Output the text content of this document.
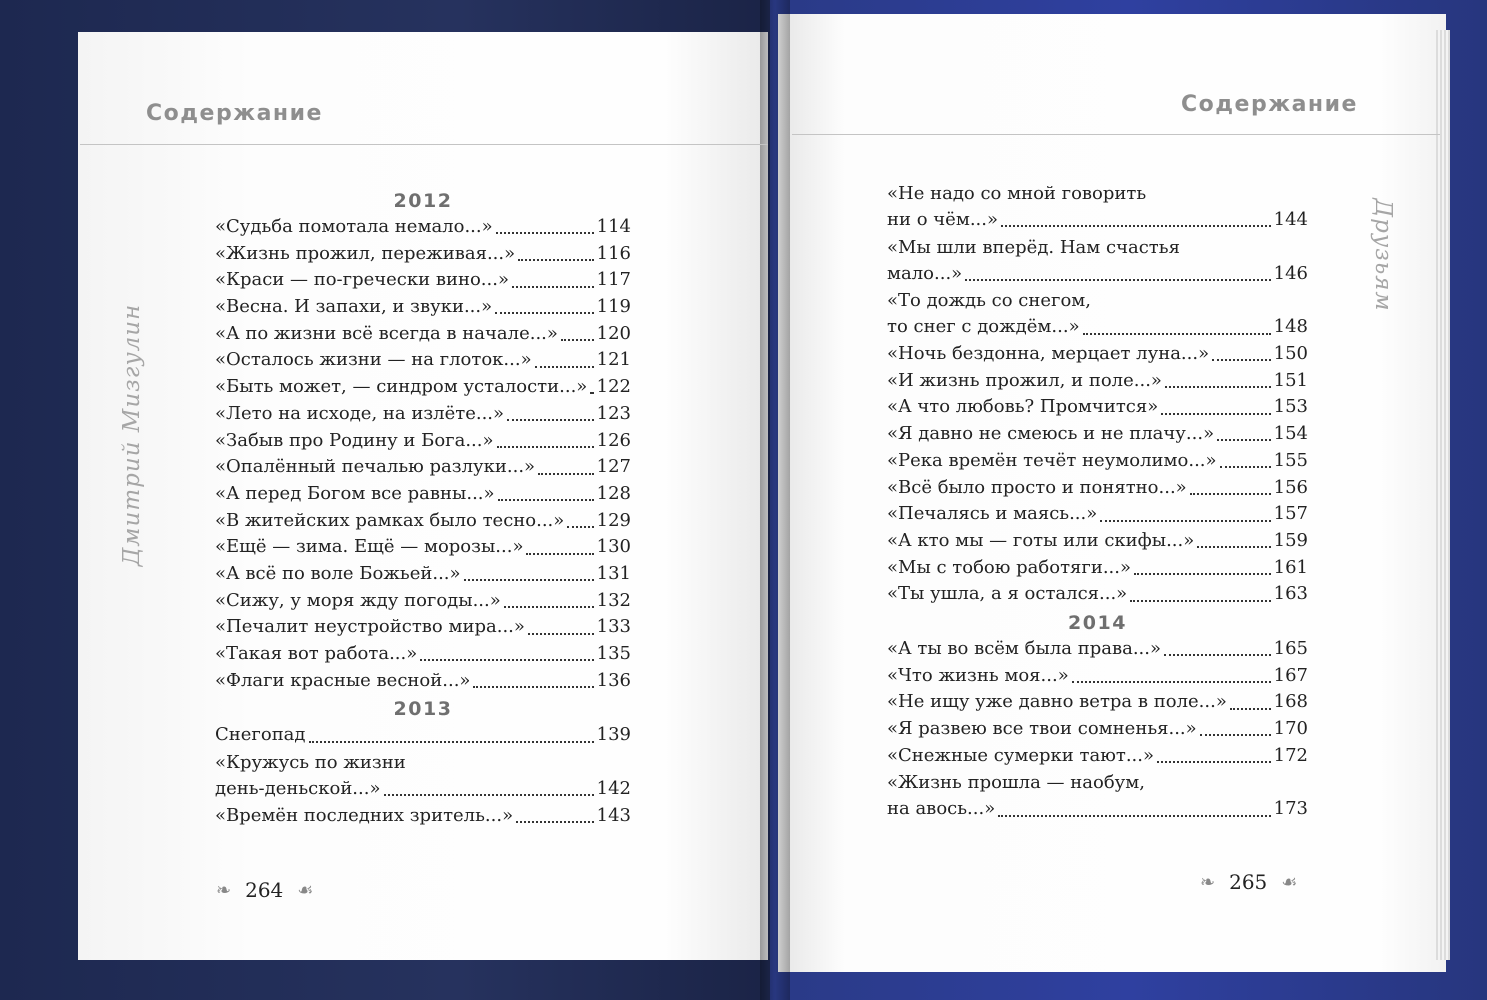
Содержание
Дмитрий Мизгулин
Содержание
Друзьям
2012
«Судьба помотала немало...»	114
«Жизнь прожил, переживая...»	116
«Краси — по-гречески вино...»	117
«Весна. И запахи, и звуки...»	119
«А по жизни всё всегда в начале...» 120
«Осталось жизни — на глоток...»	121
«Быть может, — синдром усталости...» 122
«Лето на исходе, на излёте...»	123
«Забыв про Родину и Бога...»	126
«Опалённый печалью разлуки...»	127
«А перед Богом все равны...»	128
«В житейских рамках было тесно...» 129
«Ещё — зима. Ещё — морозы...»	130
«А всё по воле Божьей...»	131
«Сижу, у моря жду погоды...»	132
«Печалит неустройство мира...»	133
«Такая вот работа...»	135
«Флаги красные весной...»	136
2013
Снегопад	139
«Кружусь по жизни
день-деньской...»	142
«Времён последних зритель...»	143
«Не надо со мной говорить
ни о чём...»	144
«Мы шли вперёд. Нам счастья
мало...»	146
«То дождь со снегом,
то снег с дождём...»	148
«Ночь бездонна, мерцает луна...»	150
«И жизнь прожил, и поле...»	151
«А что любовь? Промчится»	153
«Я давно не смеюсь и не плачу...»	154
«Река времён течёт неумолимо...»	155
«Всё было просто и понятно...»	156
«Печалясь и маясь...»	157
«А кто мы — готы или скифы...»	159
«Мы с тобою работяги...»	161
«Ты ушла, а я остался...»	163
2014
«А ты во всём была права...»	165
«Что жизнь моя...»	167
«Не ищу уже давно ветра в поле...»	168
«Я развею все твои сомненья...»	170
«Снежные сумерки тают...»	172
«Жизнь прошла — наобум,
на авось...»	173
❧ 264 ☙	❧ 265 ☙
